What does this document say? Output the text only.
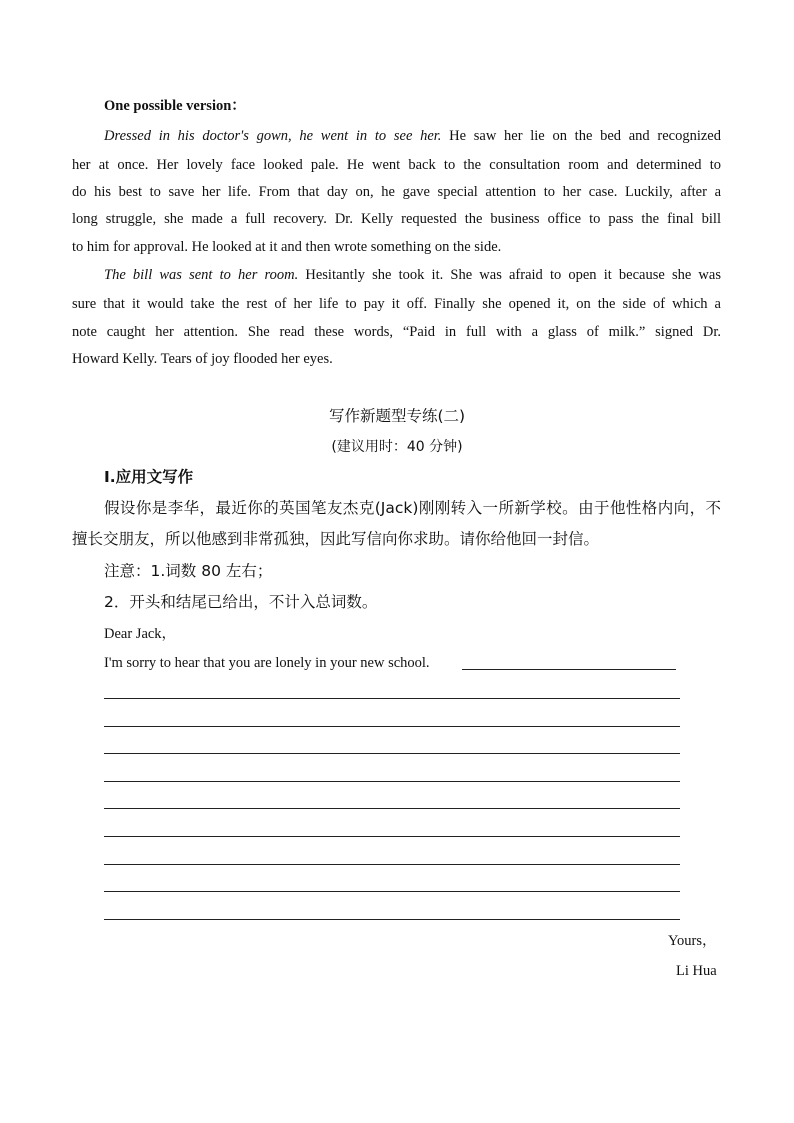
One possible version：
Dressed in his doctor's gown, he went in to see her. He saw her lie on the bed and recognized
her at once. Her lovely face looked pale. He went back to the consultation room and determined to
do his best to save her life. From that day on, he gave special attention to her case. Luckily, after a
long struggle, she made a full recovery. Dr. Kelly requested the business office to pass the final bill
to him for approval. He looked at it and then wrote something on the side.
The bill was sent to her room. Hesitantly she took it. She was afraid to open it because she was
sure that it would take the rest of her life to pay it off. Finally she opened it, on the side of which a
note caught her attention. She read these words, “Paid in full with a glass of milk.” signed Dr.
Howard Kelly. Tears of joy flooded her eyes.
写作新题型专练(二)
(建议用时：40 分钟)
Ⅰ.应用文写作
假设你是李华，最近你的英国笔友杰克(Jack)刚刚转入一所新学校。由于他性格内向，不
擅长交朋友，所以他感到非常孤独，因此写信向你求助。请你给他回一封信。
注意：1.词数 80 左右；
2．开头和结尾已给出，不计入总词数。
Dear Jack，
I'm sorry to hear that you are lonely in your new school.
Yours，
Li Hua
